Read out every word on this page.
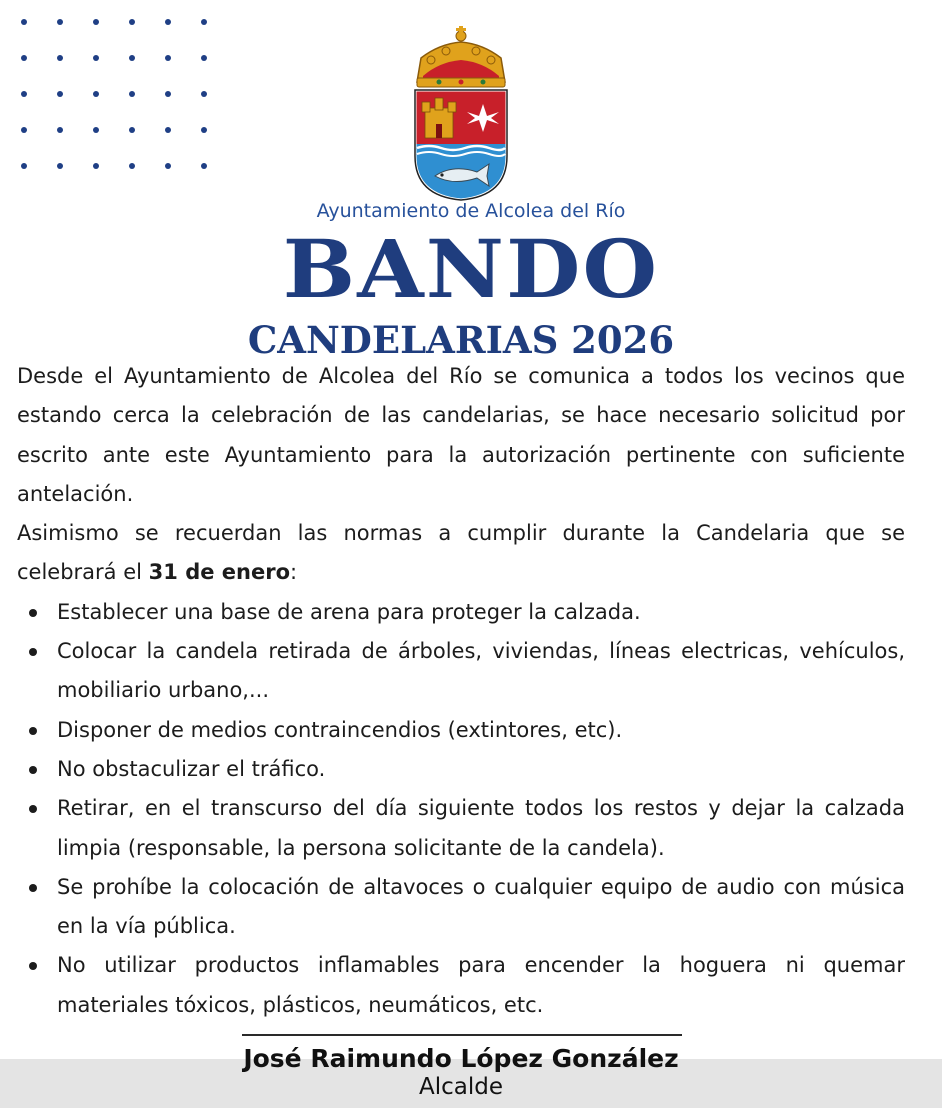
Ayuntamiento de Alcolea del Río
BANDO
CANDELARIAS 2026

Desde el Ayuntamiento de Alcolea del Río se comunica a todos los vecinos que estando cerca la celebración de las candelarias, se hace necesario solicitud por escrito ante este Ayuntamiento para la autorización pertinente con suficiente antelación.

Asimismo se recuerdan las normas a cumplir durante la Candelaria que se celebrará el 31 de enero:

Establecer una base de arena para proteger la calzada.
Colocar la candela retirada de árboles, viviendas, líneas electricas, vehículos, mobiliario urbano,...
Disponer de medios contraincendios (extintores, etc).
No obstaculizar el tráfico.
Retirar, en el transcurso del día siguiente todos los restos y dejar la calzada limpia (responsable, la persona solicitante de la candela).
Se prohíbe la colocación de altavoces o cualquier equipo de audio con música en la vía pública.
No utilizar productos inflamables para encender la hoguera ni quemar materiales tóxicos, plásticos, neumáticos, etc.
José Raimundo López González
Alcalde
